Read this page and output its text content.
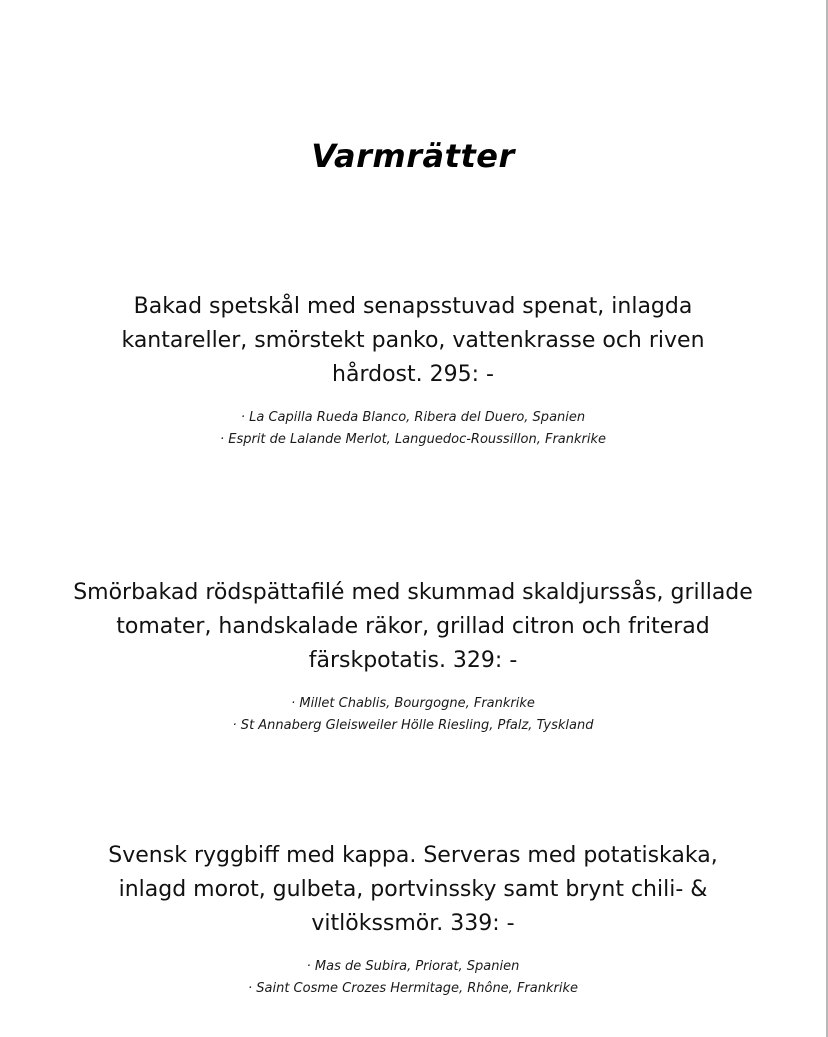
Varmrätter
Bakad spetskål med senapsstuvad spenat, inlagda kantareller, smörstekt panko, vattenkrasse och riven hårdost. 295: -
· La Capilla Rueda Blanco, Ribera del Duero, Spanien
· Esprit de Lalande Merlot, Languedoc-Roussillon, Frankrike
Smörbakad rödspättafilé med skummad skaldjurssås, grillade tomater, handskalade räkor, grillad citron och friterad färskpotatis. 329: -
· Millet Chablis, Bourgogne, Frankrike
· St Annaberg Gleisweiler Hölle Riesling, Pfalz, Tyskland
Svensk ryggbiff med kappa. Serveras med potatiskaka, inlagd morot, gulbeta, portvinssky samt brynt chili- & vitlökssmör. 339: -
· Mas de Subira, Priorat, Spanien
· Saint Cosme Crozes Hermitage, Rhône, Frankrike
